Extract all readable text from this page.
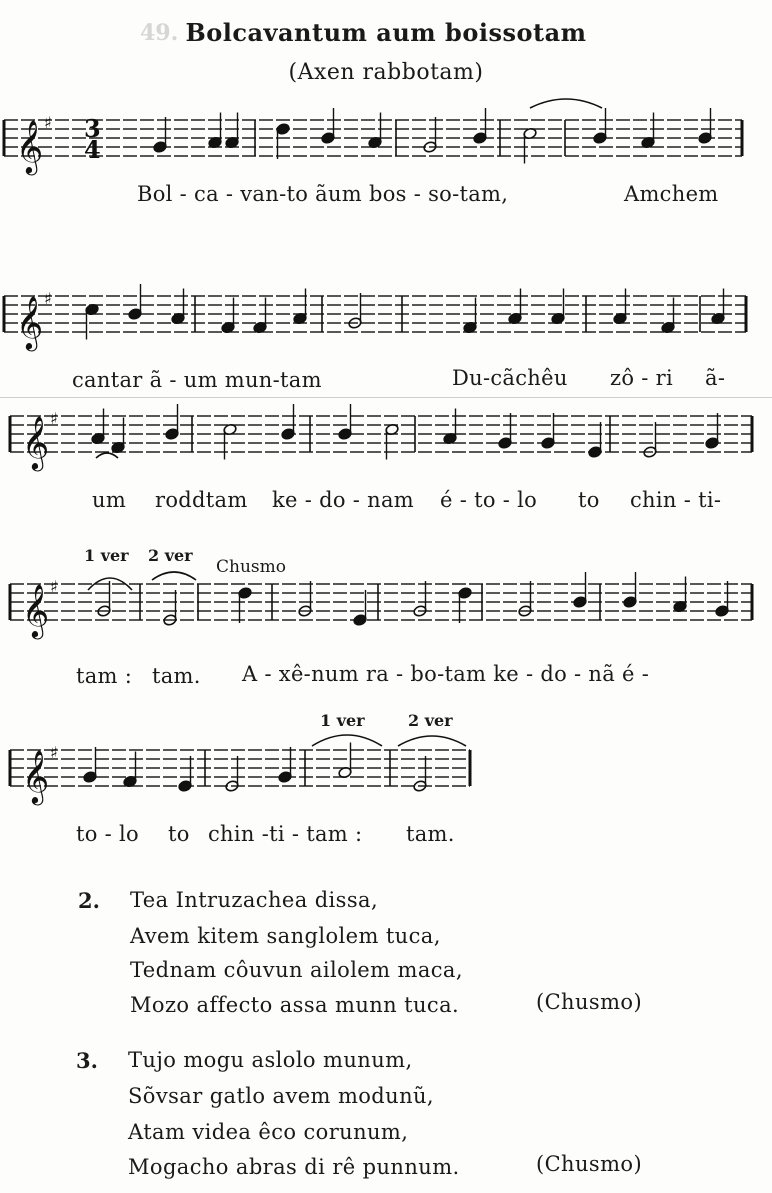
49. Bolcavantum aum boissotam
(Axen rabbotam)
𝄞 ♯
𝄞 ♯
𝄞 ♯
𝄞 ♯
𝄞 ♯
3
4
Bol - ca - van-to ãum bos - so-tam,	Amchem
cantar ã - um mun-tam	Du-cãchêu zô - ri ã-
um roddtam ke - do - nam é - to - lo to chin - ti-
1 ver 2 ver
Chusmo
tam : tam. A - xê-num ra - bo-tam ke - do - nã é -
1 ver	2 ver
to - lo to chin -ti - tam : tam.
2. Tea Intruzachea dissa,
Avem kitem sanglolem tuca,
Tednam côuvun ailolem maca,
Mozo affecto assa munn tuca.	(Chusmo)
3. Tujo mogu aslolo munum,
Sõvsar gatlo avem modunũ,
Atam videa êco corunum,
Mogacho abras di rê punnum.	(Chusmo)
